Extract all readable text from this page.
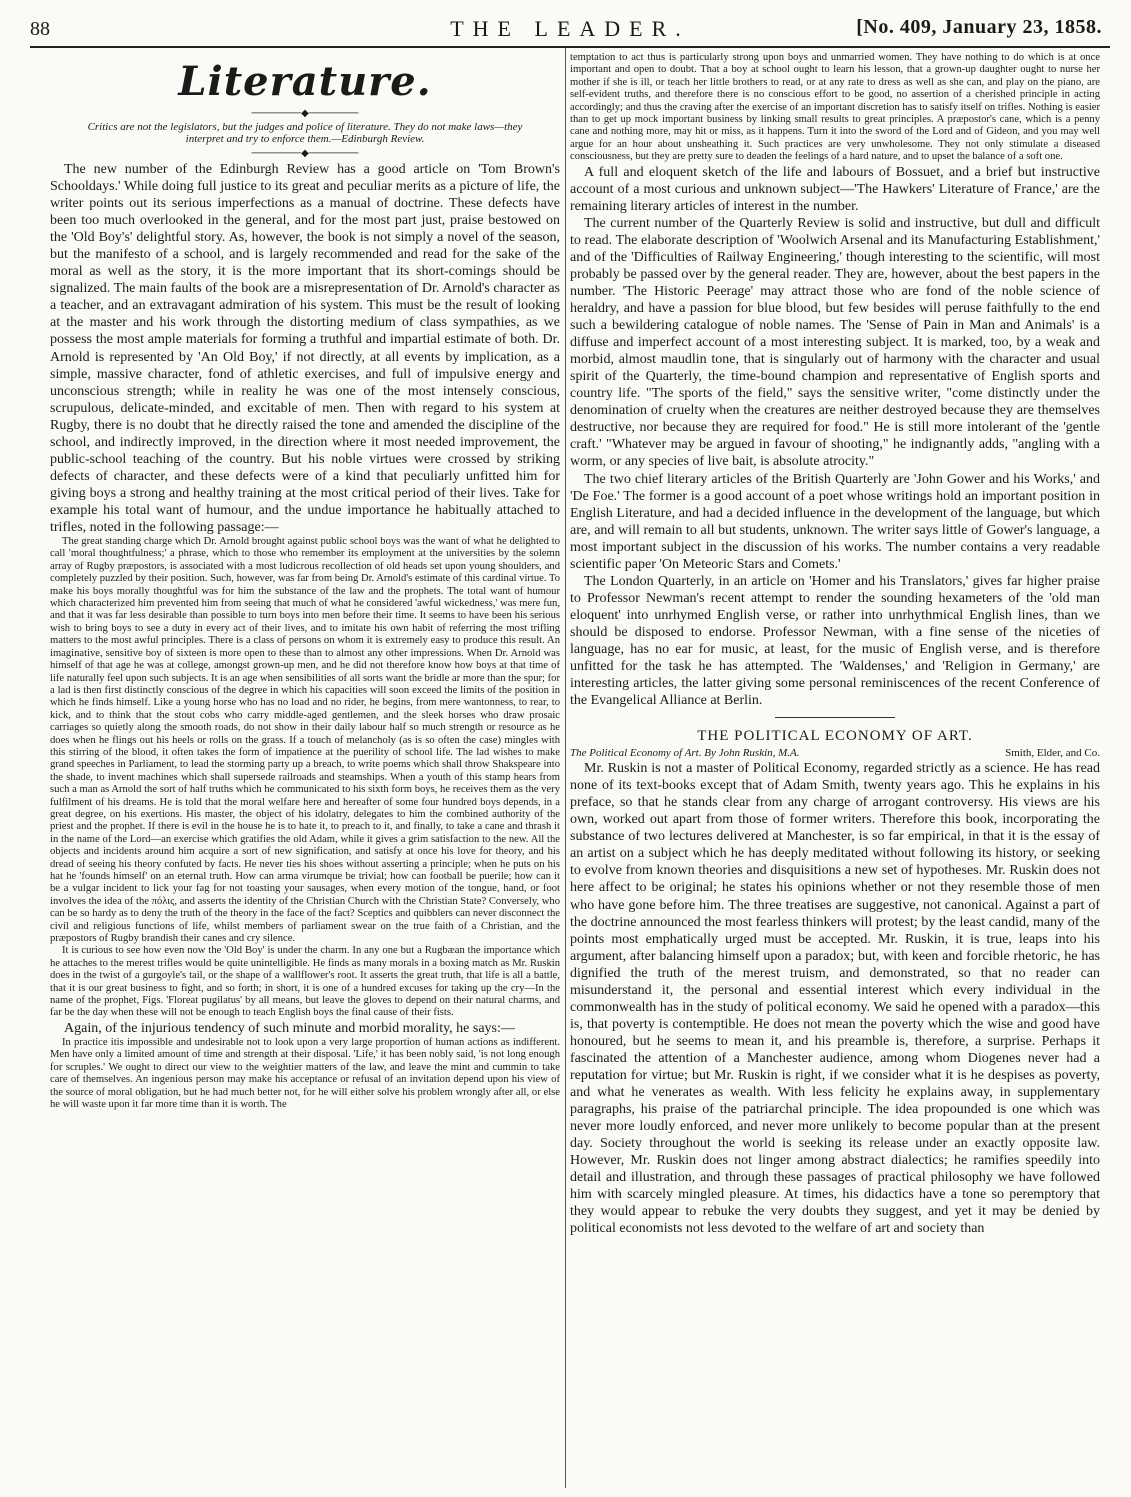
88	THE LEADER.	[No. 409, January 23, 1858.
Literature.
───────◆───────
Critics are not the legislators, but the judges and police of literature. They do not make laws—they interpret and try to enforce them.—Edinburgh Review.
───────◆───────

The new number of the Edinburgh Review has a good article on 'Tom Brown's Schooldays.' While doing full justice to its great and peculiar merits as a picture of life, the writer points out its serious imperfections as a manual of doctrine. These defects have been too much overlooked in the general, and for the most part just, praise bestowed on the 'Old Boy's' delightful story. As, however, the book is not simply a novel of the season, but the manifesto of a school, and is largely recommended and read for the sake of the moral as well as the story, it is the more important that its short-comings should be signalized. The main faults of the book are a misrepresentation of Dr. Arnold's character as a teacher, and an extravagant admiration of his system. This must be the result of looking at the master and his work through the distorting medium of class sympathies, as we possess the most ample materials for forming a truthful and impartial estimate of both. Dr. Arnold is represented by 'An Old Boy,' if not directly, at all events by implication, as a simple, massive character, fond of athletic exercises, and full of impulsive energy and unconscious strength; while in reality he was one of the most intensely conscious, scrupulous, delicate-minded, and excitable of men. Then with regard to his system at Rugby, there is no doubt that he directly raised the tone and amended the discipline of the school, and indirectly improved, in the direction where it most needed improvement, the public-school teaching of the country. But his noble virtues were crossed by striking defects of character, and these defects were of a kind that peculiarly unfitted him for giving boys a strong and healthy training at the most critical period of their lives. Take for example his total want of humour, and the undue importance he habitually attached to trifles, noted in the following passage:—

The great standing charge which Dr. Arnold brought against public school boys was the want of what he delighted to call 'moral thoughtfulness;' a phrase, which to those who remember its employment at the universities by the solemn array of Rugby præpostors, is associated with a most ludicrous recollection of old heads set upon young shoulders, and completely puzzled by their position. Such, however, was far from being Dr. Arnold's estimate of this cardinal virtue. To make his boys morally thoughtful was for him the substance of the law and the prophets. The total want of humour which characterized him prevented him from seeing that much of what he considered 'awful wickedness,' was mere fun, and that it was far less desirable than possible to turn boys into men before their time. It seems to have been his serious wish to bring boys to see a duty in every act of their lives, and to imitate his own habit of referring the most trifling matters to the most awful principles. There is a class of persons on whom it is extremely easy to produce this result. An imaginative, sensitive boy of sixteen is more open to these than to almost any other impressions. When Dr. Arnold was himself of that age he was at college, amongst grown-up men, and he did not therefore know how boys at that time of life naturally feel upon such subjects. It is an age when sensibilities of all sorts want the bridle ar more than the spur; for a lad is then first distinctly conscious of the degree in which his capacities will soon exceed the limits of the position in which he finds himself. Like a young horse who has no load and no rider, he begins, from mere wantonness, to rear, to kick, and to think that the stout cobs who carry middle-aged gentlemen, and the sleek horses who draw prosaic carriages so quietly along the smooth roads, do not show in their daily labour half so much strength or resource as he does when he flings out his heels or rolls on the grass. If a touch of melancholy (as is so often the case) mingles with this stirring of the blood, it often takes the form of impatience at the puerility of school life. The lad wishes to make grand speeches in Parliament, to lead the storming party up a breach, to write poems which shall throw Shakspeare into the shade, to invent machines which shall supersede railroads and steamships. When a youth of this stamp hears from such a man as Arnold the sort of half truths which he communicated to his sixth form boys, he receives them as the very fulfilment of his dreams. He is told that the moral welfare here and hereafter of some four hundred boys depends, in a great degree, on his exertions. His master, the object of his idolatry, delegates to him the combined authority of the priest and the prophet. If there is evil in the house he is to hate it, to preach to it, and finally, to take a cane and thrash it in the name of the Lord—an exercise which gratifies the old Adam, while it gives a grim satisfaction to the new. All the objects and incidents around him acquire a sort of new signification, and satisfy at once his love for theory, and his dread of seeing his theory confuted by facts. He never ties his shoes without asserting a principle; when he puts on his hat he 'founds himself' on an eternal truth. How can arma virumque be trivial; how can football be puerile; how can it be a vulgar incident to lick your fag for not toasting your sausages, when every motion of the tongue, hand, or foot involves the idea of the πόλις, and asserts the identity of the Christian Church with the Christian State? Conversely, who can be so hardy as to deny the truth of the theory in the face of the fact? Sceptics and quibblers can never disconnect the civil and religious functions of life, whilst members of parliament swear on the true faith of a Christian, and the præpostors of Rugby brandish their canes and cry silence.

It is curious to see how even now the 'Old Boy' is under the charm. In any one but a Rugbæan the importance which he attaches to the merest trifles would be quite unintelligible. He finds as many morals in a boxing match as Mr. Ruskin does in the twist of a gurgoyle's tail, or the shape of a wallflower's root. It asserts the great truth, that life is all a battle, that it is our great business to fight, and so forth; in short, it is one of a hundred excuses for taking up the cry—In the name of the prophet, Figs. 'Floreat pugilatus' by all means, but leave the gloves to depend on their natural charms, and far be the day when these will not be enough to teach English boys the final cause of their fists.

Again, of the injurious tendency of such minute and morbid morality, he says:—

In practice itis impossible and undesirable not to look upon a very large proportion of human actions as indifferent. Men have only a limited amount of time and strength at their disposal. 'Life,' it has been nobly said, 'is not long enough for scruples.' We ought to direct our view to the weightier matters of the law, and leave the mint and cummin to take care of themselves. An ingenious person may make his acceptance or refusal of an invitation depend upon his view of the source of moral obligation, but he had much better not, for he will either solve his problem wrongly after all, or else he will waste upon it far more time than it is worth. The

temptation to act thus is particularly strong upon boys and unmarried women. They have nothing to do which is at once important and open to doubt. That a boy at school ought to learn his lesson, that a grown-up daughter ought to nurse her mother if she is ill, or teach her little brothers to read, or at any rate to dress as well as she can, and play on the piano, are self-evident truths, and therefore there is no conscious effort to be good, no assertion of a cherished principle in acting accordingly; and thus the craving after the exercise of an important discretion has to satisfy itself on trifles. Nothing is easier than to get up mock important business by linking small results to great principles. A præpostor's cane, which is a penny cane and nothing more, may hit or miss, as it happens. Turn it into the sword of the Lord and of Gideon, and you may well argue for an hour about unsheathing it. Such practices are very unwholesome. They not only stimulate a diseased consciousness, but they are pretty sure to deaden the feelings of a hard nature, and to upset the balance of a soft one.

A full and eloquent sketch of the life and labours of Bossuet, and a brief but instructive account of a most curious and unknown subject—'The Hawkers' Literature of France,' are the remaining literary articles of interest in the number.

The current number of the Quarterly Review is solid and instructive, but dull and difficult to read. The elaborate description of 'Woolwich Arsenal and its Manufacturing Establishment,' and of the 'Difficulties of Railway Engineering,' though interesting to the scientific, will most probably be passed over by the general reader. They are, however, about the best papers in the number. 'The Historic Peerage' may attract those who are fond of the noble science of heraldry, and have a passion for blue blood, but few besides will peruse faithfully to the end such a bewildering catalogue of noble names. The 'Sense of Pain in Man and Animals' is a diffuse and imperfect account of a most interesting subject. It is marked, too, by a weak and morbid, almost maudlin tone, that is singularly out of harmony with the character and usual spirit of the Quarterly, the time-bound champion and representative of English sports and country life. "The sports of the field," says the sensitive writer, "come distinctly under the denomination of cruelty when the creatures are neither destroyed because they are themselves destructive, nor because they are required for food." He is still more intolerant of the 'gentle craft.' "Whatever may be argued in favour of shooting," he indignantly adds, "angling with a worm, or any species of live bait, is absolute atrocity."

The two chief literary articles of the British Quarterly are 'John Gower and his Works,' and 'De Foe.' The former is a good account of a poet whose writings hold an important position in English Literature, and had a decided influence in the development of the language, but which are, and will remain to all but students, unknown. The writer says little of Gower's language, a most important subject in the discussion of his works. The number contains a very readable scientific paper 'On Meteoric Stars and Comets.'

The London Quarterly, in an article on 'Homer and his Translators,' gives far higher praise to Professor Newman's recent attempt to render the sounding hexameters of the 'old man eloquent' into unrhymed English verse, or rather into unrhythmical English lines, than we should be disposed to endorse. Professor Newman, with a fine sense of the niceties of language, has no ear for music, at least, for the music of English verse, and is therefore unfitted for the task he has attempted. The 'Waldenses,' and 'Religion in Germany,' are interesting articles, the latter giving some personal reminiscences of the recent Conference of the Evangelical Alliance at Berlin.

THE POLITICAL ECONOMY OF ART.
The Political Economy of Art. By John Ruskin, M.A.	Smith, Elder, and Co.

Mr. Ruskin is not a master of Political Economy, regarded strictly as a science. He has read none of its text-books except that of Adam Smith, twenty years ago. This he explains in his preface, so that he stands clear from any charge of arrogant controversy. His views are his own, worked out apart from those of former writers. Therefore this book, incorporating the substance of two lectures delivered at Manchester, is so far empirical, in that it is the essay of an artist on a subject which he has deeply meditated without following its history, or seeking to evolve from known theories and disquisitions a new set of hypotheses. Mr. Ruskin does not here affect to be original; he states his opinions whether or not they resemble those of men who have gone before him. The three treatises are suggestive, not canonical. Against a part of the doctrine announced the most fearless thinkers will protest; by the least candid, many of the points most emphatically urged must be accepted. Mr. Ruskin, it is true, leaps into his argument, after balancing himself upon a paradox; but, with keen and forcible rhetoric, he has dignified the truth of the merest truism, and demonstrated, so that no reader can misunderstand it, the personal and essential interest which every individual in the commonwealth has in the study of political economy. We said he opened with a paradox—this is, that poverty is contemptible. He does not mean the poverty which the wise and good have honoured, but he seems to mean it, and his preamble is, therefore, a surprise. Perhaps it fascinated the attention of a Manchester audience, among whom Diogenes never had a reputation for virtue; but Mr. Ruskin is right, if we consider what it is he despises as poverty, and what he venerates as wealth. With less felicity he explains away, in supplementary paragraphs, his praise of the patriarchal principle. The idea propounded is one which was never more loudly enforced, and never more unlikely to become popular than at the present day. Society throughout the world is seeking its release under an exactly opposite law. However, Mr. Ruskin does not linger among abstract dialectics; he ramifies speedily into detail and illustration, and through these passages of practical philosophy we have followed him with scarcely mingled pleasure. At times, his didactics have a tone so peremptory that they would appear to rebuke the very doubts they suggest, and yet it may be denied by political economists not less devoted to the welfare of art and society than
